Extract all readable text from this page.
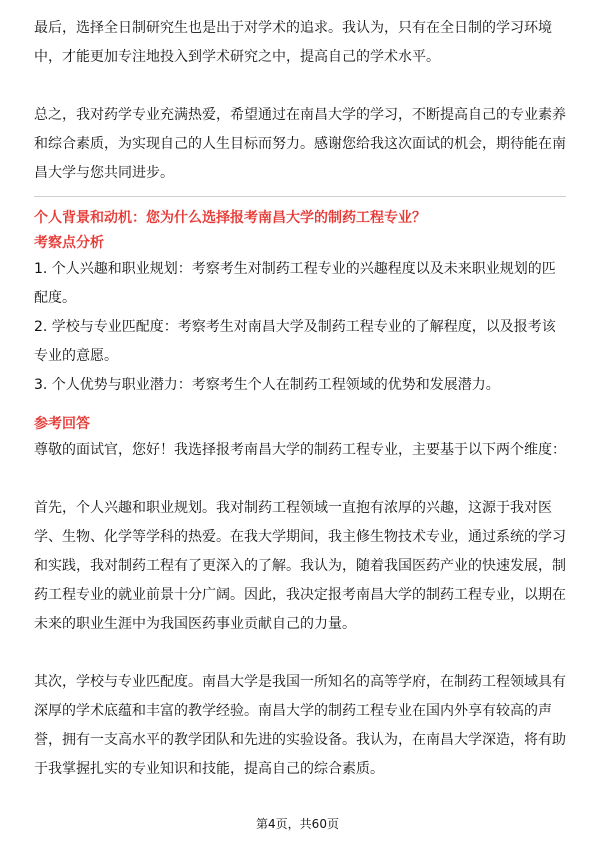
最后，选择全日制研究生也是出于对学术的追求。我认为，只有在全日制的学习环境中，才能更加专注地投入到学术研究之中，提高自己的学术水平。

总之，我对药学专业充满热爱，希望通过在南昌大学的学习，不断提高自己的专业素养和综合素质，为实现自己的人生目标而努力。感谢您给我这次面试的机会，期待能在南昌大学与您共同进步。

个人背景和动机：您为什么选择报考南昌大学的制药工程专业？

考察点分析

1. 个人兴趣和职业规划：考察考生对制药工程专业的兴趣程度以及未来职业规划的匹配度。

2. 学校与专业匹配度：考察考生对南昌大学及制药工程专业的了解程度，以及报考该专业的意愿。

3. 个人优势与职业潜力：考察考生个人在制药工程领域的优势和发展潜力。

参考回答

尊敬的面试官，您好！我选择报考南昌大学的制药工程专业，主要基于以下两个维度：

首先，个人兴趣和职业规划。我对制药工程领域一直抱有浓厚的兴趣，这源于我对医学、生物、化学等学科的热爱。在我大学期间，我主修生物技术专业，通过系统的学习和实践，我对制药工程有了更深入的了解。我认为，随着我国医药产业的快速发展，制药工程专业的就业前景十分广阔。因此，我决定报考南昌大学的制药工程专业，以期在未来的职业生涯中为我国医药事业贡献自己的力量。

其次，学校与专业匹配度。南昌大学是我国一所知名的高等学府，在制药工程领域具有深厚的学术底蕴和丰富的教学经验。南昌大学的制药工程专业在国内外享有较高的声誉，拥有一支高水平的教学团队和先进的实验设备。我认为，在南昌大学深造，将有助于我掌握扎实的专业知识和技能，提高自己的综合素质。

第4页，共60页
